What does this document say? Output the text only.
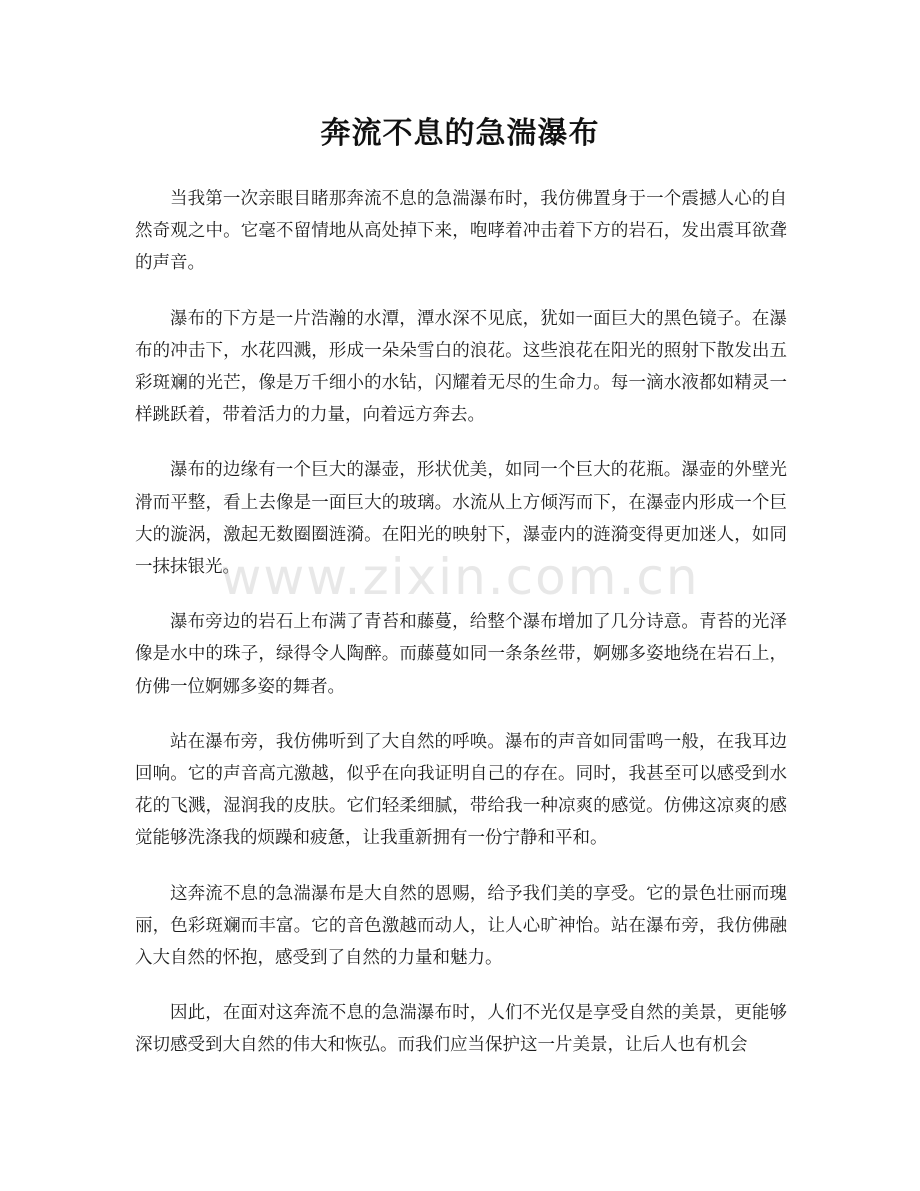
奔流不息的急湍瀑布

当我第一次亲眼目睹那奔流不息的急湍瀑布时，我仿佛置身于一个震撼人心的自然奇观之中。它毫不留情地从高处掉下来，咆哮着冲击着下方的岩石，发出震耳欲聋的声音。

瀑布的下方是一片浩瀚的水潭，潭水深不见底，犹如一面巨大的黑色镜子。在瀑布的冲击下，水花四溅，形成一朵朵雪白的浪花。这些浪花在阳光的照射下散发出五彩斑斓的光芒，像是万千细小的水钻，闪耀着无尽的生命力。每一滴水液都如精灵一样跳跃着，带着活力的力量，向着远方奔去。

瀑布的边缘有一个巨大的瀑壶，形状优美，如同一个巨大的花瓶。瀑壶的外壁光滑而平整，看上去像是一面巨大的玻璃。水流从上方倾泻而下，在瀑壶内形成一个巨大的漩涡，激起无数圈圈涟漪。在阳光的映射下，瀑壶内的涟漪变得更加迷人，如同一抹抹银光。

瀑布旁边的岩石上布满了青苔和藤蔓，给整个瀑布增加了几分诗意。青苔的光泽像是水中的珠子，绿得令人陶醉。而藤蔓如同一条条丝带，婀娜多姿地绕在岩石上，仿佛一位婀娜多姿的舞者。

站在瀑布旁，我仿佛听到了大自然的呼唤。瀑布的声音如同雷鸣一般，在我耳边回响。它的声音高亢激越，似乎在向我证明自己的存在。同时，我甚至可以感受到水花的飞溅，湿润我的皮肤。它们轻柔细腻，带给我一种凉爽的感觉。仿佛这凉爽的感觉能够洗涤我的烦躁和疲惫，让我重新拥有一份宁静和平和。

这奔流不息的急湍瀑布是大自然的恩赐，给予我们美的享受。它的景色壮丽而瑰丽，色彩斑斓而丰富。它的音色激越而动人，让人心旷神怡。站在瀑布旁，我仿佛融入大自然的怀抱，感受到了自然的力量和魅力。

因此，在面对这奔流不息的急湍瀑布时，人们不光仅是享受自然的美景，更能够深切感受到大自然的伟大和恢弘。而我们应当保护这一片美景，让后人也有机会

www.zixin.com.cn
